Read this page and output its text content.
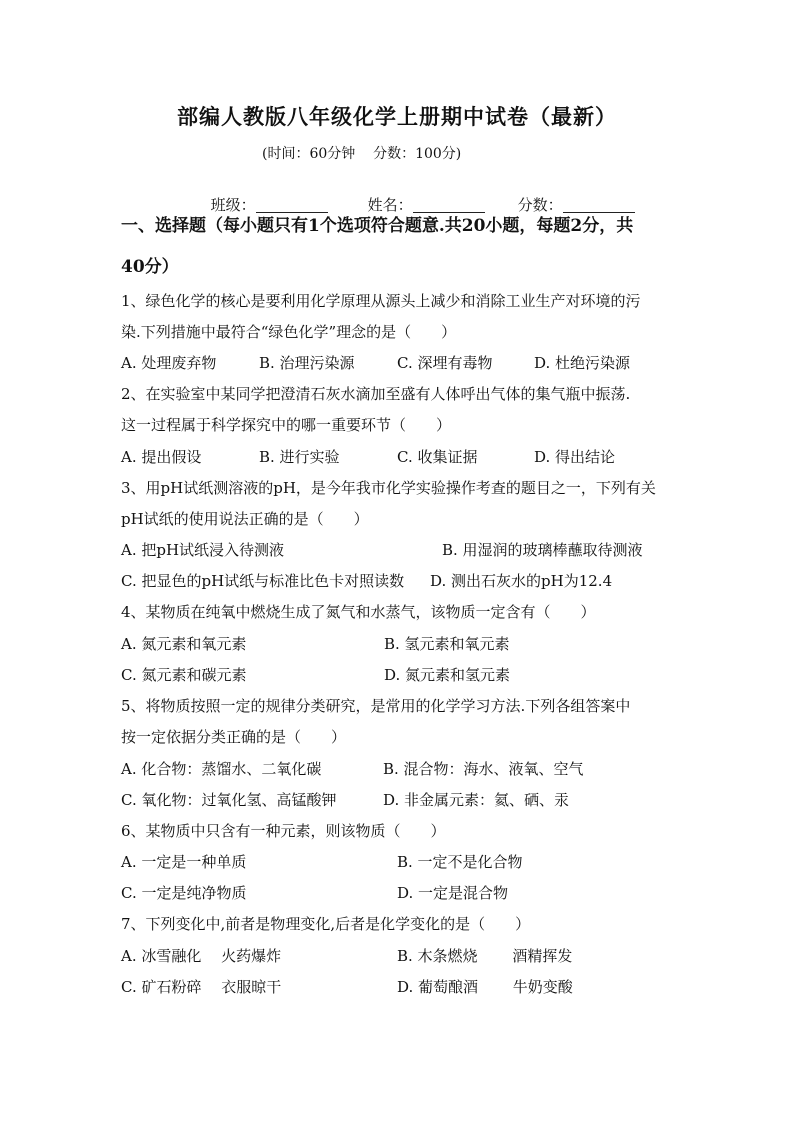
部编人教版八年级化学上册期中试卷（最新）
(时间：60分钟    分数：100分)

班级：
	姓名：
	分数：

一、选择题（每小题只有1个选项符合题意.共20小题，每题2分，共
40分）
1、绿色化学的核心是要利用化学原理从源头上减少和消除工业生产对环境的污
染.下列措施中最符合“绿色化学”理念的是（　　）
A. 处理废弃物	B. 治理污染源	C. 深埋有毒物	D. 杜绝污染源
2、在实验室中某同学把澄清石灰水滴加至盛有人体呼出气体的集气瓶中振荡.
这一过程属于科学探究中的哪一重要环节（　　）
A. 提出假设	B. 进行实验	C. 收集证据	D. 得出结论
3、用pH试纸测溶液的pH，是今年我市化学实验操作考查的题目之一，下列有关
pH试纸的使用说法正确的是（　　）
A. 把pH试纸浸入待测液	B. 用湿润的玻璃棒蘸取待测液
C. 把显色的pH试纸与标准比色卡对照读数 D. 测出石灰水的pH为12.4
4、某物质在纯氧中燃烧生成了氮气和水蒸气，该物质一定含有（　　）
A. 氮元素和氧元素	B. 氢元素和氧元素
C. 氮元素和碳元素	D. 氮元素和氢元素
5、将物质按照一定的规律分类研究，是常用的化学学习方法.下列各组答案中
按一定依据分类正确的是（　　）
A. 化合物：蒸馏水、二氧化碳	B. 混合物：海水、液氧、空气
C. 氧化物：过氧化氢、高锰酸钾	D. 非金属元素：氦、硒、汞
6、某物质中只含有一种元素，则该物质（　　）
A. 一定是一种单质	B. 一定不是化合物
C. 一定是纯净物质	D. 一定是混合物
7、下列变化中,前者是物理变化,后者是化学变化的是（　　）
A. 冰雪融化　 火药爆炸	B. 木条燃烧　　 酒精挥发
C. 矿石粉碎　 衣服晾干	D. 葡萄酿酒　　 牛奶变酸
